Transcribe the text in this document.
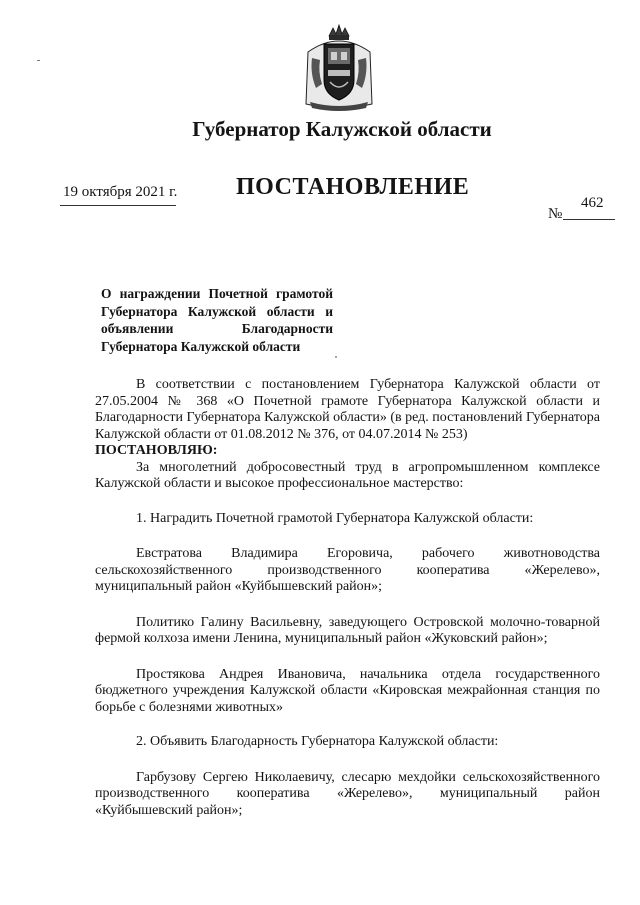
Губернатор Калужской области
19 октября 2021 г. ПОСТАНОВЛЕНИЕ
№
462
О награждении Почетной грамотой Губернатора Калужской области и объявлении Благодарности Губернатора Калужской области

В соответствии с постановлением Губернатора Калужской области от 27.05.2004 № 368 «О Почетной грамоте Губернатора Калужской области и Благодарности Губернатора Калужской области» (в ред. постановлений Губернатора Калужской области от 01.08.2012 № 376, от 04.07.2014 № 253)

ПОСТАНОВЛЯЮ:

За многолетний добросовестный труд в агропромышленном комплексе Калужской области и высокое профессиональное мастерство:

1. Наградить Почетной грамотой Губернатора Калужской области:

Евстратова Владимира Егоровича, рабочего животноводства сельскохозяйственного производственного кооператива «Жерелево», муниципальный район «Куйбышевский район»;

Политико Галину Васильевну, заведующего Островской молочно-товарной фермой колхоза имени Ленина, муниципальный район «Жуковский район»;

Простякова Андрея Ивановича, начальника отдела государственного бюджетного учреждения Калужской области «Кировская межрайонная станция по борьбе с болезнями животных»

2. Объявить Благодарность Губернатора Калужской области:

Гарбузову Сергею Николаевичу, слесарю мехдойки сельскохозяйственного производственного кооператива «Жерелево», муниципальный район «Куйбышевский район»;
